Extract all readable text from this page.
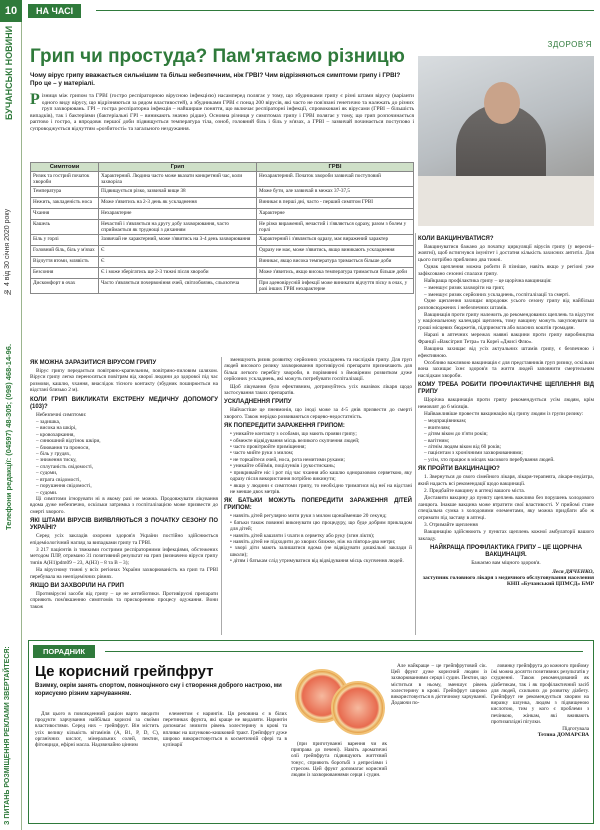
10
БУЧАНСЬКІ НОВИНИ
№ 4 від 30 січня 2020 року
Телефони редакції: (04597) 48-305; (098) 468-14-96.
З ПИТАНЬ РОЗМІЩЕННЯ РЕКЛАМИ ЗВЕРТАЙТЕСЯ:
НА ЧАСІ
ЗДОРОВ'Я
Грип чи простуда? Пам'ятаємо різницю
Чому вірус грипу вважається сильнішим та більш небезпечним, ніж ГРВІ? Чим відрізняються симптоми грипу і ГРВІ? Про це – у матеріалі.
Різниця між грипом та ГРВІ (гостро респіраторною вірусною інфекцією) насамперед полягає у тому, що збудниками грипу є різні штами вірусу (варіанти одного виду вірусу, що відрізняються за рядом властивостей), а збудниками ГРВІ є понад 200 вірусів, які часто не пов'язані генетично та належать до різних груп захворювань. ГРІ – гостра респіраторна інфекція – найширше поняття, що включає респіраторні інфекції, спровоковані як вірусами (ГРВІ – більшість випадків), так і бактеріями (бактеріальні ГРІ – виникають значно рідше). Основна різниця у симптомах грипу і ГРВІ полягає у тому, що грип розпочинається раптово і гостро, а впродовж першої доби підвищується температура тіла, озноб, головний біль і біль у м'язах, а ГРВІ – зазвичай починається поступово і супроводжується відчуттям «розбитості» та загального нездужання.
Симптоми	Грип	ГРВІ
Ризик та гострий початок хвороби	Характерний. Людина часто може вказати конкретний час, коли захворіла	Нехарактерний. Початок хвороби зазвичай поступовий
Температура	Підвищується різко, зазвичай вище 38	Може бути, але зазвичай в межах 37-37,5
Нежить, закладеність носа	Може з'явитись на 2-3 день як ускладнення	Виникає в перші дні, часто - перший симптом ГРВІ
Чхання	Нехарактерне	Характерне
Кашель	Нечастий і з'являється на другу добу захворювання, часто сприймається як труднощі з диханням	Не різко виражений, нечастий і з'являється одразу, разом з болем у горлі
Біль у горлі	Зазвичай не характерний, може з'явитись на 3-4 день захворювання	Характерний і з'являється одразу, має виражений характер
Головний біль, біль у м'язах	Є	Одразу не має, може з'явитись, якщо виникають ускладнення
Відчуття втоми, млявість	Є	Виникає, якщо висока температура тримається більше доби
Безсоння	Є і може зберігатись ще 2-3 тижні після хвороби	Може з'явитись, якщо висока температура тримається більше доби
Дискомфорт в очах	Часто з'являється почервоніння очей, світлобоязнь, сльозотеча	При аденовірусній інфекції може виникати відчуття піску в очах, у разі інших ГРВІ нехарактерне
ЯК МОЖНА ЗАРАЗИТИСЯ ВІРУСОМ ГРИПУ

Вірус грипу передається повітряно-крапельним, повітряно-пиловим шляхом. Віруси грипу легко переносяться повітрям від хворої людини до здорової під час розмови, кашлю, чхання, внаслідок тісного контакту (збудник поширюється на відстані близько 2 м).

КОЛИ ГРИП ВИКЛИКАТИ ЕКСТРЕНУ МЕДИЧНУ ДОПОМОГУ (103)?

Небезпечні симптоми:

– задишка,
– висока на шкірі,
– кровохаркання,
– синюшний відтінок шкіри,
– блювання та проноси,
– біль у грудях,
– зниження тиску,
– сплутаність свідомості,
– судоми,
– втрата свідомості,
– порушення свідомості,
– судоми.

Ці симптоми ігнорувати ні в якому разі не можна. Продовжувати лікування вдома дуже небезпечно, оскільки затримка з госпіталізацією може призвести до смерті хворого.

ЯКІ ШТАМИ ВІРУСІВ ВИЯВЛЯЮТЬСЯ З ПОЧАТКУ СЕЗОНУ ПО УКРАЇНІ?

Серед усіх закладів охорони здоров'я України постійно здійснюється епідеміологічний нагляд за випадками грипу та ГРВІ.

З 217 пацієнтів із тяжкими гострими респіраторними інфекціями, обстежених методом ПЛР, отримано 31 позитивний результат на грип (визначено віруси грипу типів А(H1)pdm09 – 23, А(H3) – 8 та В – 3);

На вірусному тижні у всіх регіонах України захворюваність на грип та ГРВІ перебувала на неепідемічних рівнях.

ЯКЩО ВИ ЗАХВОРІЛИ НА ГРИП

Противірусні засоби від грипу – це не антибіотики. Противірусні препарати сприяють пом'якшенню симптомів та прискоренню процесу одужання. Вони також

зменшують ризик розвитку серйозних ускладнень та наслідків грипу. Для груп людей високого ризику захворювання противірусні препарати призначають для більш легкого перебігу хвороби, в порівнянні з ймовірним розвитком дуже серйозних ускладнень, які можуть потребувати госпіталізації.

Щоб лікування було ефективним, дотримуйтесь усіх вказівок лікаря щодо застосування таких препаратів.

УСКЛАДНЕННЯ ГРИПУ

Найчастіше це пневмонія, що іноді може за 4-5 днів призвести до смерті хворого. Також нерідко розвиваються серцево-недостатність.

ЯК ПОПЕРЕДИТИ ЗАРАЖЕННЯ ГРИПОМ:
• уникайте контакту з особами, що мають прояви грипу;
• обмежте відвідування місць великого скупчення людей;
• часто провітрюйте приміщення;
• часто мийте руки з милом;
• не торкайтеся очей, носа, рота немитими руками;
• уникайте обіймів, поцілунків і рукостискань;
• прикривайте ніс і рот під час чхання або кашлю одноразовою серветкою, яку одразу після використання потрібно викинути;
• якщо у людини є симптоми грипу, то необхідно триматися від неї на відстані не менше двох метрів.
ЯК БАТЬКИ МОЖУТЬ ПОПЕРЕДИТИ ЗАРАЖЕННЯ ДІТЕЙ ГРИПОМ:
• навчіть дітей регулярно мити руки з милом щонайменше 20 секунд;
• батьки також повинні виконувати цю процедуру, що буде добрим прикладом для дітей;
• навчіть дітей кашляти і чхати в серветку або руку (згин ліктя);
• навчіть дітей не підходити до хворих ближче, ніж на півтора-два метри;
• хворі діти мають залишатися вдома (не відвідувати дошкільні заклади й школи);
• дітям і батькам слід утримуватися від відвідування місць скупчення людей.
КОЛИ ВАКЦИНУВАТИСЯ?

Вакцинуватися бажано до початку циркуляції вірусів грипу (у вересні–жовтні), щоб встигнувся імунітет і достатня кількість захисних антитіл. Для цього потрібно приблизно два тижні.

Однак щеплення можна робити й пізніше, навіть якщо у регіоні уже зафіксовано сезонні спалахи грипу.

Найкраща профілактика грипу – це щорічна вакцинація:

– зменшує ризик захворіти на грип;
– зменшує ризик серйозних ускладнень, госпіталізації та смерті.

Однe щеплення захищає впродовж усього сезону грипу від найбільш розповсюджених і небезпечних штамів.

Вакцинація проти грипу належить до рекомендованих щеплень та відсутнє у національному календарі щеплень, тому вакцину можуть закуповувати за гроші місцевих бюджетів, підприємств або власних коштів громадян.

Наразі в аптечних мережах наявні вакцини проти грипу виробництва Франції «Ваксігрип Тетра» та Кореї «Джисі Флю».

Вакцина захищає від усіх актуальних штамів грипу, є безпечною і ефективною.

Особливо важливою вакцинація є для представників груп ризику, оскільки вона захищає їхнє здоров'я та життя людей заповнити смертельним наслідкам хвороби.

КОМУ ТРЕБА РОБИТИ ПРОФІЛАКТИЧНЕ ЩЕПЛЕННЯ ВІД ГРИПУ

Щорічна вакцинація проти грипу рекомендується усім людям, крім немовлят до 6 місяців.

Найважливіше провести вакцинацію від грипу людям із групи ризику:

– медпрацівникам;
– вчителям;
– дітям віком до п'яти років;
– вагітним;
– літнім людям віком від 60 років;
– пацієнтам з хронічними захворюваннями;
– усім, хто працює в місцях масового перебування людей.
ЯК ПРОЙТИ ВАКЦИНАЦІЮ?

1. Звернуться до свого сімейного лікаря, лікаря-терапевта, лікаря-педіатра, який надасть всі рекомендації щодо вакцинації.

2. Придбайте вакцину в аптеці вашого міста.

Доставити вакцину до пункту щеплень важливо без порушень холодового ланцюга. Інакше вакцина може втратити свої властивості. У прийомі стане спеціальна сумка з холодовими елементами, яку можна придбати або ж отримати під заставу в аптеці.

3. Отримайте щеплення

Вакцинацію здійснюють у пунктах щеплень кожної амбулаторії вашого закладу.

НАЙКРАЩА ПРОФІЛАКТИКА ГРИПУ – ЦЕ ЩОРІЧНА ВАКЦИНАЦІЯ.

Бажаємо вам міцного здоров'я.

Леся ДЯЧЕНКО,
заступник головного лікаря з медичного обслуговування населення КНП «Бучанський ЦПМСД» БМР
ПОРАДНИК
Це корисний грейпфрут
Взимку, окрім занять спортом, повноцінного сну і створення доброго настрою, ми кориcуємо різним харчуванням.

Для цього в повсякденний раціон варто вводити продукти харчування найбільш корисні за своїми властивостями. Серед них – грейпфрут. Він містить усіх велику кількість вітамінів (А, B1, P, D, C), органічних кислот, мінеральних солей, пектин, фітонциди, ефірні масла. Надзвичайно цінним

елементом є нарингін. Ця речовина є в білих перетинках фрукта, які краще не видаляти. Нарингін допомагає знизити рівень холестерину в крові та впливає на шлунково-кишковий тракт. Грейпфрут дуже широко використовується в косметичній сфері та в кулінарії	(при приготуванні варення чи як приправа до печені). Навіть ароматичні олії грейпфрута підвищують життєвий тонус, сприяють боротьбі з депресіями і стресом. Цей фрукт допомагає корисний людям із захворюваннями серця і судин.

Але найкраще – це грейпфрутовий сік. Цей фрукт дуже корисний людям із захворюваннями серця і судин. Пектин, що міститься в ньому, зменшує рівень холестерину в крові. Грейпфрут широко використовується в дієтичному харчуванні. Додаючи по-

ловинку грейпфрута до кожного прийому їжі можна досягти позитивних результатів у схудненні. Також рекомендований як діабетикам, так і як профілактичний засіб для людей, схильних до розвитку діабету. Грейпфрут не рекомендується хворим на виразку шлунка, людям з підвищеною кислотою, тим у кого є проблеми з печінкою, жінкам, які вживають протизаплідні пігулки.

Підготувала
Тетяна ДОМАРЄВА
